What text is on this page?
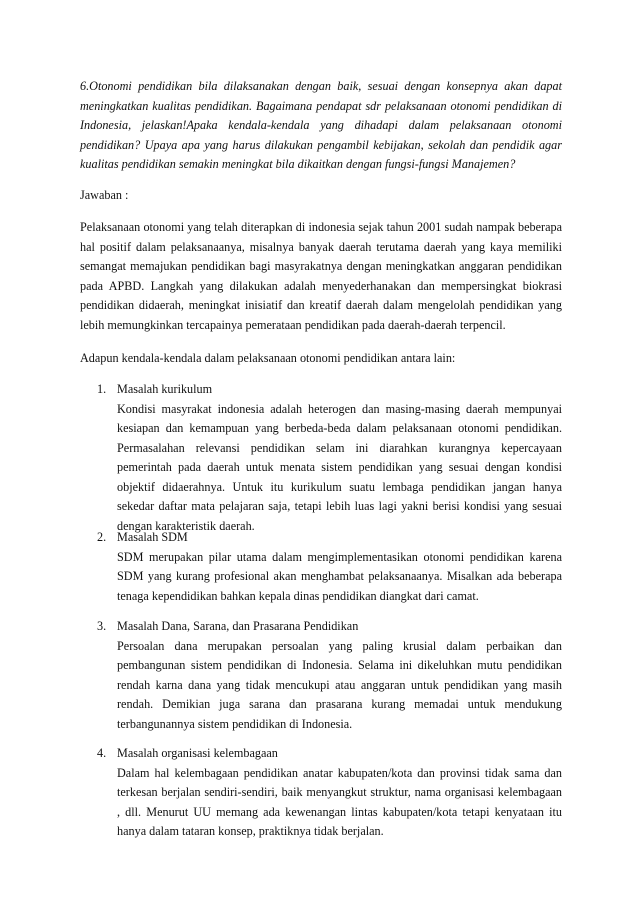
6.Otonomi pendidikan bila dilaksanakan dengan baik, sesuai dengan konsepnya akan dapat meningkatkan kualitas pendidikan. Bagaimana pendapat sdr pelaksanaan otonomi pendidikan di Indonesia, jelaskan!Apaka kendala-kendala yang dihadapi dalam pelaksanaan otonomi pendidikan? Upaya apa yang harus dilakukan pengambil kebijakan, sekolah dan pendidik agar kualitas pendidikan semakin meningkat bila dikaitkan dengan fungsi-fungsi Manajemen?

Jawaban :

Pelaksanaan otonomi yang telah diterapkan di indonesia sejak tahun 2001 sudah nampak beberapa hal positif dalam pelaksanaanya, misalnya banyak daerah terutama daerah yang kaya memiliki semangat memajukan pendidikan bagi masyrakatnya dengan meningkatkan anggaran pendidikan pada APBD. Langkah yang dilakukan adalah menyederhanakan dan mempersingkat biokrasi pendidikan didaerah, meningkat inisiatif dan kreatif daerah dalam mengelolah pendidikan yang lebih memungkinkan tercapainya pemerataan pendidikan pada daerah-daerah terpencil.

Adapun kendala-kendala dalam pelaksanaan otonomi pendidikan antara lain:

1. Masalah kurikulum

Kondisi masyrakat indonesia adalah heterogen dan masing-masing daerah mempunyai kesiapan dan kemampuan yang berbeda-beda dalam pelaksanaan otonomi pendidikan. Permasalahan relevansi pendidikan selam ini diarahkan kurangnya kepercayaan pemerintah pada daerah untuk menata sistem pendidikan yang sesuai dengan kondisi objektif didaerahnya. Untuk itu kurikulum suatu lembaga pendidikan jangan hanya sekedar daftar mata pelajaran saja, tetapi lebih luas lagi yakni berisi kondisi yang sesuai dengan karakteristik daerah.

2. Masalah SDM

SDM merupakan pilar utama dalam mengimplementasikan otonomi pendidikan karena SDM yang kurang profesional akan menghambat pelaksanaanya. Misalkan ada beberapa tenaga kependidikan bahkan kepala dinas pendidikan diangkat dari camat.

3. Masalah Dana, Sarana, dan Prasarana Pendidikan

Persoalan dana merupakan persoalan yang paling krusial dalam perbaikan dan pembangunan sistem pendidikan di Indonesia. Selama ini dikeluhkan mutu pendidikan rendah karna dana yang tidak mencukupi atau anggaran untuk pendidikan yang masih rendah. Demikian juga sarana dan prasarana kurang memadai untuk mendukung terbangunannya sistem pendidikan di Indonesia.

4. Masalah organisasi kelembagaan

Dalam hal kelembagaan pendidikan anatar kabupaten/kota dan provinsi tidak sama dan terkesan berjalan sendiri-sendiri, baik menyangkut struktur, nama organisasi kelembagaan , dll. Menurut UU memang ada kewenangan lintas kabupaten/kota tetapi kenyataan itu hanya dalam tataran konsep, praktiknya tidak berjalan.
